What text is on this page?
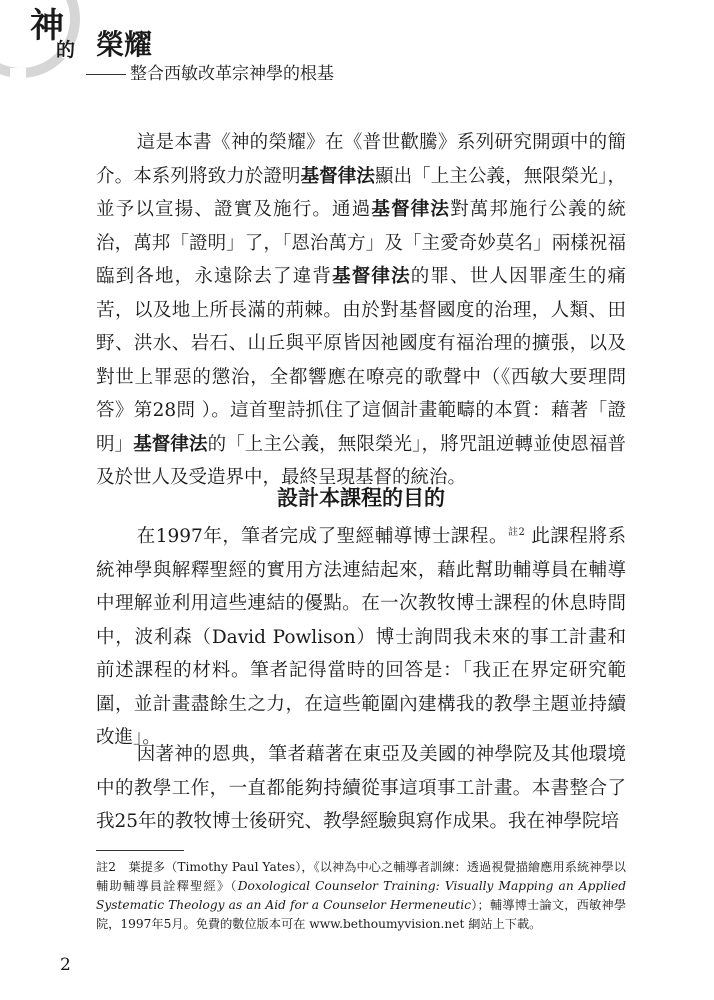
神
的 榮耀
整合西敏改革宗神學的根基
這是本書《神的榮耀》在《普世歡騰》系列研究開頭中的簡介。本系列將致力於證明基督律法顯出「上主公義，無限榮光」，並予以宣揚、證實及施行。通過基督律法對萬邦施行公義的統治，萬邦「證明」了，「恩治萬方」及「主愛奇妙莫名」兩樣祝福臨到各地，永遠除去了違背基督律法的罪、世人因罪產生的痛苦，以及地上所長滿的荊棘。由於對基督國度的治理，人類、田野、洪水、岩石、山丘與平原皆因祂國度有福治理的擴張，以及對世上罪惡的懲治，全都響應在嘹亮的歌聲中（《西敏大要理問答》第28問 ）。這首聖詩抓住了這個計畫範疇的本質：藉著「證明」基督律法的「上主公義，無限榮光」，將咒詛逆轉並使恩福普及於世人及受造界中，最終呈現基督的統治。
設計本課程的目的
在1997年，筆者完成了聖經輔導博士課程。$^{註2}$ 此課程將系統神學與解釋聖經的實用方法連結起來，藉此幫助輔導員在輔導中理解並利用這些連結的優點。在一次教牧博士課程的休息時間中，波利森（David Powlison）博士詢問我未來的事工計畫和前述課程的材料。筆者記得當時的回答是：「我正在界定研究範圍，並計畫盡餘生之力，在這些範圍內建構我的教學主題並持續改進」。
因著神的恩典，筆者藉著在東亞及美國的神學院及其他環境中的教學工作，一直都能夠持續從事這項事工計畫。本書整合了我25年的教牧博士後研究、教學經驗與寫作成果。我在神學院培
註2　葉提多（Timothy Paul Yates），《以神為中心之輔導者訓練：透過視覺描繪應用系統神學以輔助輔導員詮釋聖經》（Doxological Counselor Training: Visually Mapping an Applied Systematic Theology as an Aid for a Counselor Hermeneutic）；輔導博士論文，西敏神學院，1997年5月。免費的數位版本可在 www.bethoumyvision.net 網站上下載。
2
